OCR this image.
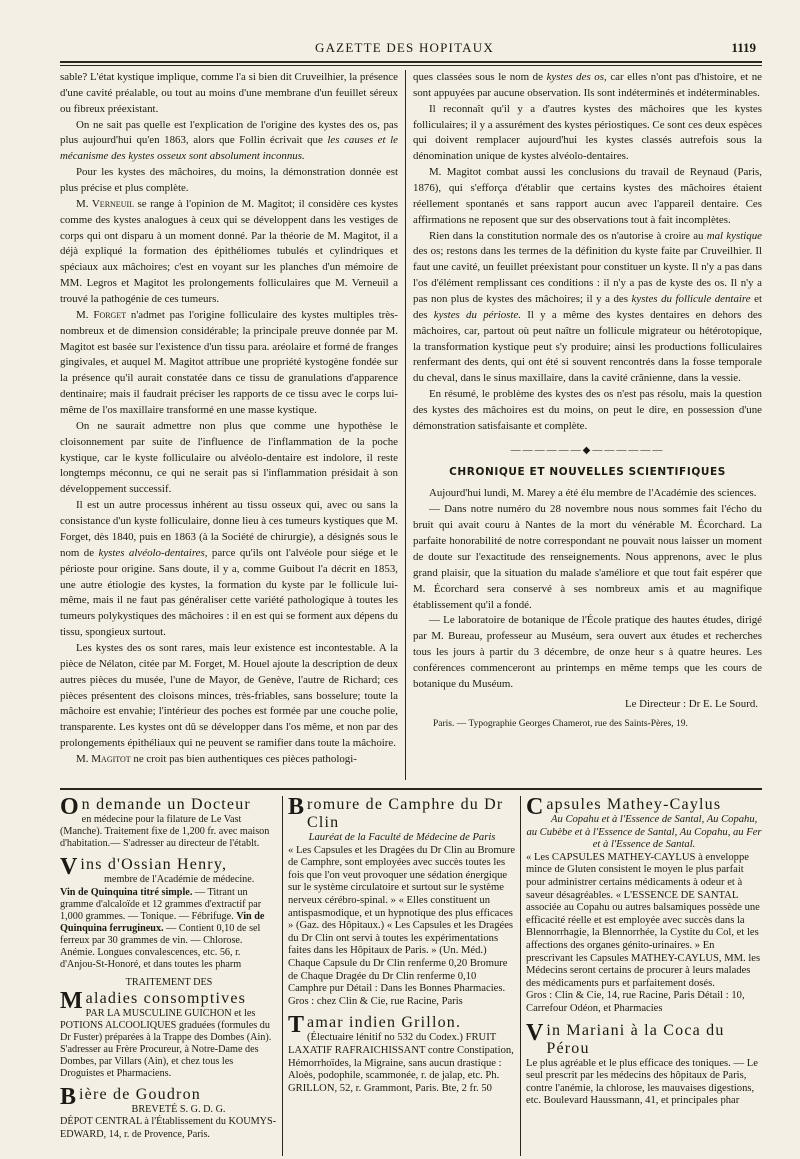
GAZETTE DES HOPITAUX	1119

sable? L'état kystique implique, comme l'a si bien dit Cruveilhier, la présence d'une cavité préalable, ou tout au moins d'une membrane d'un feuillet séreux ou fibreux préexistant.

On ne sait pas quelle est l'explication de l'origine des kystes des os, pas plus aujourd'hui qu'en 1863, alors que Follin écrivait que les causes et le mécanisme des kystes osseux sont absolument inconnus.

Pour les kystes des mâchoires, du moins, la démonstration donnée est plus précise et plus complète.

M. Verneuil se range à l'opinion de M. Magitot; il considère ces kystes comme des kystes analogues à ceux qui se développent dans les vestiges de corps qui ont disparu à un moment donné. Par la théorie de M. Magitot, il a déjà expliqué la formation des épithéliomes tubulés et cylindriques et spéciaux aux mâchoires; c'est en voyant sur les planches d'un mémoire de MM. Legros et Magitot les prolongements folliculaires que M. Verneuil a trouvé la pathogénie de ces tumeurs.

M. Forget n'admet pas l'origine folliculaire des kystes multiples très-nombreux et de dimension considérable; la principale preuve donnée par M. Magitot est basée sur l'existence d'un tissu para. aréolaire et formé de franges gingivales, et auquel M. Magitot attribue une propriété kystogène fondée sur la présence qu'il aurait constatée dans ce tissu de granulations d'apparence dentinaire; mais il faudrait préciser les rapports de ce tissu avec le corps lui-même de l'os maxillaire transformé en une masse kystique.

On ne saurait admettre non plus que comme une hypothèse le cloisonnement par suite de l'influence de l'inflammation de la poche kystique, car le kyste folliculaire ou alvéolo-dentaire est indolore, il reste longtemps méconnu, ce qui ne serait pas si l'inflammation présidait à son développement successif.

Il est un autre processus inhérent au tissu osseux qui, avec ou sans la consistance d'un kyste folliculaire, donne lieu à ces tumeurs kystiques que M. Forget, dès 1840, puis en 1863 (à la Société de chirurgie), a désignés sous le nom de kystes alvéolo-dentaires, parce qu'ils ont l'alvéole pour siége et le périoste pour origine. Sans doute, il y a, comme Guibout l'a décrit en 1853, une autre étiologie des kystes, la formation du kyste par le follicule lui-même, mais il ne faut pas généraliser cette variété pathologique à toutes les tumeurs polykystiques des mâchoires : il en est qui se forment aux dépens du tissu, spongieux surtout.

Les kystes des os sont rares, mais leur existence est incontestable. A la pièce de Nélaton, citée par M. Forget, M. Houel ajoute la description de deux autres pièces du musée, l'une de Mayor, de Genève, l'autre de Richard; ces pièces présentent des cloisons minces, très-friables, sans bosselure; toute la mâchoire est envahie; l'intérieur des poches est formée par une couche polie, transparente. Les kystes ont dû se développer dans l'os même, et non par des prolongements épithéliaux qui ne peuvent se ramifier dans toute la mâchoire.

M. Magitot ne croit pas bien authentiques ces pièces pathologi-

ques classées sous le nom de kystes des os, car elles n'ont pas d'histoire, et ne sont appuyées par aucune observation. Ils sont indéterminés et indéterminables.

Il reconnaît qu'il y a d'autres kystes des mâchoires que les kystes folliculaires; il y a assurément des kystes périostiques. Ce sont ces deux espèces qui doivent remplacer aujourd'hui les kystes classés autrefois sous la dénomination unique de kystes alvéolo-dentaires.

M. Magitot combat aussi les conclusions du travail de Reynaud (Paris, 1876), qui s'efforça d'établir que certains kystes des mâchoires étaient réellement spontanés et sans rapport aucun avec l'appareil dentaire. Ces affirmations ne reposent que sur des observations tout à fait incomplètes.

Rien dans la constitution normale des os n'autorise à croire au mal kystique des os; restons dans les termes de la définition du kyste faite par Cruveilhier. Il faut une cavité, un feuillet préexistant pour constituer un kyste. Il n'y a pas dans l'os d'élément remplissant ces conditions : il n'y a pas de kyste des os. Il n'y a pas non plus de kystes des mâchoires; il y a des kystes du follicule dentaire et des kystes du périoste. Il y a même des kystes dentaires en dehors des mâchoires, car, partout où peut naître un follicule migrateur ou hétérotopique, la transformation kystique peut s'y produire; ainsi les productions folliculaires renfermant des dents, qui ont été si souvent rencontrés dans la fosse temporale du cheval, dans le sinus maxillaire, dans la cavité crânienne, dans la vessie.

En résumé, le problème des kystes des os n'est pas résolu, mais la question des kystes des mâchoires est du moins, on peut le dire, en possession d'une démonstration satisfaisante et complète.

——————◆——————
CHRONIQUE ET NOUVELLES SCIENTIFIQUES

Aujourd'hui lundi, M. Marey a été élu membre de l'Académie des sciences.

— Dans notre numéro du 28 novembre nous nous sommes fait l'écho du bruit qui avait couru à Nantes de la mort du vénérable M. Écorchard. La parfaite honorabilité de notre correspondant ne pouvait nous laisser un moment de doute sur l'exactitude des renseignements. Nous apprenons, avec le plus grand plaisir, que la situation du malade s'améliore et que tout fait espérer que M. Écorchard sera conservé à ses nombreux amis et au magnifique établissement qu'il a fondé.

— Le laboratoire de botanique de l'École pratique des hautes études, dirigé par M. Bureau, professeur au Muséum, sera ouvert aux études et recherches tous les jours à partir du 3 décembre, de onze heur s à quatre heures. Les conférences commenceront au printemps en même temps que les cours de botanique du Muséum.

Le Directeur : Dr E. Le Sourd.
Paris. — Typographie Georges Chamerot, rue des Saints-Pères, 19.
On demande un Docteur
en médecine pour la filature de Le Vast (Manche). Traitement fixe de 1,200 fr. avec maison d'habitation.— S'adresser au directeur de l'établt.
Vins d'Ossian Henry,
membre de l'Académie de médecine.
Vin de Quinquina titré simple. — Titrant un gramme d'alcaloïde et 12 grammes d'extractif par 1,000 grammes. — Tonique. — Fébrifuge. Vin de Quinquina ferrugineux. — Contient 0,10 de sel ferreux par 30 grammes de vin. — Chlorose. Anémie. Longues convalescences, etc. 56, r. d'Anjou-St-Honoré, et dans toutes les pharm
TRAITEMENT DES
M aladies consomptives
PAR LA MUSCULINE GUICHON et les POTIONS ALCOOLIQUES graduées (formules du Dr Fuster) préparées à la Trappe des Dombes (Ain). S'adresser au Frère Procureur, à Notre-Dame des Dombes, par Villars (Ain), et chez tous les Droguistes et Pharmaciens.
Bière de Goudron
BREVETÉ S. G. D. G.
DÉPOT CENTRAL à l'Établissement du KOUMYS-EDWARD, 14, r. de Provence, Paris.
Bromure de Camphre du Dr Clin
Lauréat de la Faculté de Médecine de Paris
« Les Capsules et les Dragées du Dr Clin au Bromure de Camphre, sont employées avec succès toutes les fois que l'on veut provoquer une sédation énergique sur le système circulatoire et surtout sur le système nerveux cérébro-spinal. » « Elles constituent un antispasmodique, et un hypnotique des plus efficaces » (Gaz. des Hôpitaux.) « Les Capsules et les Dragées du Dr Clin ont servi à toutes les expérimentations faites dans les Hôpitaux de Paris. » (Un. Méd.) Chaque Capsule du Dr Clin renferme 0,20 Bromure de Chaque Dragée du Dr Clin renferme 0,10 Camphre pur Détail : Dans les Bonnes Pharmacies.
Gros : chez Clin & Cie, rue Racine, Paris
Tamar indien Grillon.
(Électuaire lénitif no 532 du Codex.) FRUIT LAXATIF RAFRAICHISSANT contre Constipation, Hémorrhoïdes, la Migraine, sans aucun drastique : Aloès, podophile, scammonée, r. de jalap, etc. Ph. GRILLON, 52, r. Grammont, Paris. Bte, 2 fr. 50
Capsules Mathey-Caylus
Au Copahu et à l'Essence de Santal, Au Copahu, au Cubèbe et à l'Essence de Santal, Au Copahu, au Fer et à l'Essence de Santal.
« Les CAPSULES MATHEY-CAYLUS à enveloppe mince de Gluten consistent le moyen le plus parfait pour administrer certains médicaments à odeur et à saveur désagréables. « L'ESSENCE DE SANTAL associée au Copahu ou autres balsamiques possède une efficacité réelle et est employée avec succès dans la Blennorrhagie, la Blennorrhée, la Cystite du Col, et les affections des organes génito-urinaires. » En prescrivant les Capsules MATHEY-CAYLUS, MM. les Médecins seront certains de procurer à leurs malades des médicaments purs et parfaitement dosés.
Gros : Clin & Cie, 14, rue Racine, Paris Détail : 10, Carrefour Odéon, et Pharmacies
Vin Mariani à la Coca du Pérou
Le plus agréable et le plus efficace des toniques. — Le seul prescrit par les médecins des hôpitaux de Paris, contre l'anémie, la chlorose, les mauvaises digestions, etc. Boulevard Haussmann, 41, et principales phar
